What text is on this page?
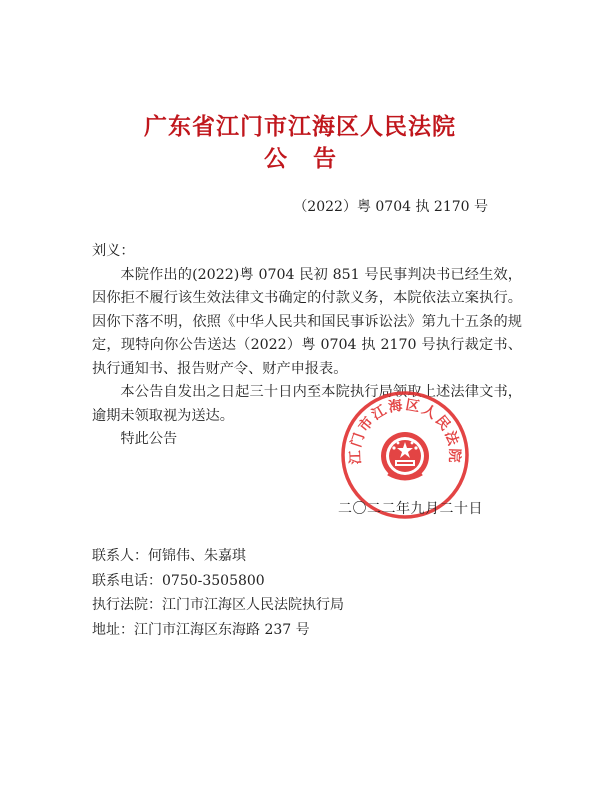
广东省江门市江海区人民法院
公告
（2022）粤 0704 执 2170 号

刘义：

本院作出的(2022)粤 0704 民初 851 号民事判决书已经生效，因你拒不履行该生效法律文书确定的付款义务，本院依法立案执行。因你下落不明，依照《中华人民共和国民事诉讼法》第九十五条的规定，现特向你公告送达（2022）粤 0704 执 2170 号执行裁定书、执行通知书、报告财产令、财产申报表。

本公告自发出之日起三十日内至本院执行局领取上述法律文书，逾期未领取视为送达。

特此公告

江门市江海区人民法院
二〇二二年九月二十日
联系人：何锦伟、朱嘉琪
联系电话：0750-3505800
执行法院：江门市江海区人民法院执行局
地址：江门市江海区东海路 237 号
